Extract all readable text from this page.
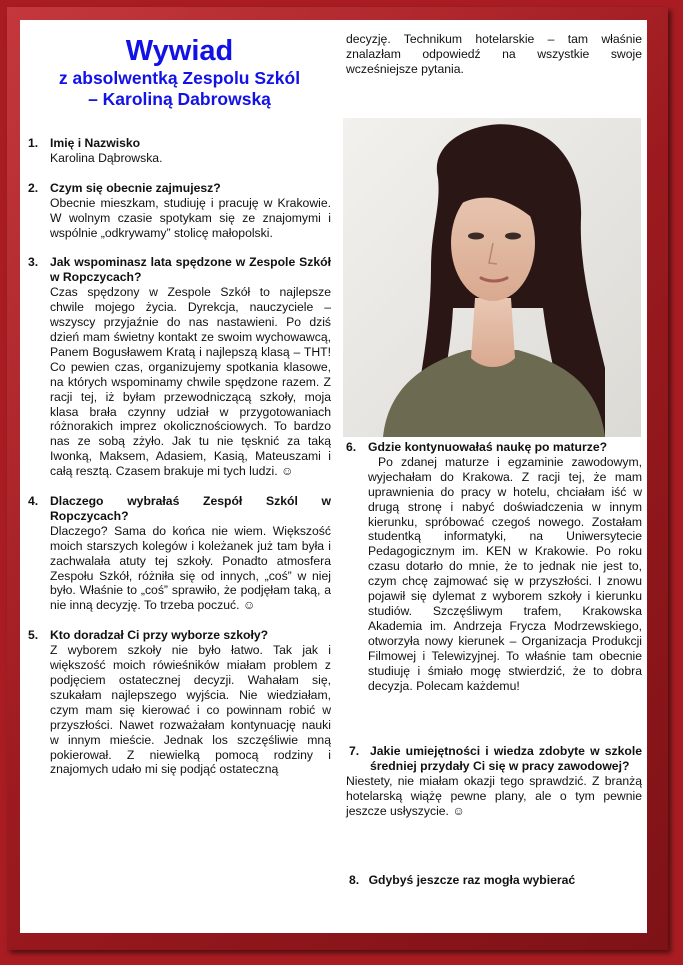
Wywiad
z absolwentką Zespolu Szkól
– Karoliną Dabrowską
1. Imię i Nazwisko
Karolina Dąbrowska.
2. Czym się obecnie zajmujesz?
Obecnie mieszkam, studiuję i pracuję w Krakowie. W wolnym czasie spotykam się ze znajomymi i wspólnie „odkrywamy” stolicę małopolski.
3. Jak wspominasz lata spędzone w Zespole Szkół w Ropczycach?
Czas spędzony w Zespole Szkół to najlepsze chwile mojego życia. Dyrekcja, nauczyciele – wszyscy przyjaźnie do nas nastawieni. Po dziś dzień mam świetny kontakt ze swoim wychowawcą, Panem Bogusławem Kratą i najlepszą klasą – THT! Co pewien czas, organizujemy spotkania klasowe, na których wspominamy chwile spędzone razem. Z racji tej, iż byłam przewodniczącą szkoły, moja klasa brała czynny udział w przygotowaniach różnorakich imprez okolicznościowych. To bardzo nas ze sobą zżyło. Jak tu nie tęsknić za taką Iwonką, Maksem, Adasiem, Kasią, Mateuszami i całą resztą. Czasem brakuje mi tych ludzi. ☺
4. Dlaczego wybrałaś Zespół Szkól w Ropczycach?
Dlaczego? Sama do końca nie wiem. Większość moich starszych kolegów i koleżanek już tam była i zachwalała atuty tej szkoły. Ponadto atmosfera Zespołu Szkół, różniła się od innych, „coś” w niej było. Właśnie to „coś” sprawiło, że podjęłam taką, a nie inną decyzję. To trzeba poczuć. ☺
5. Kto doradzał Ci przy wyborze szkoły?
Z wyborem szkoły nie było łatwo. Tak jak i większość moich rówieśników miałam problem z podjęciem ostatecznej decyzji. Wahałam się, szukałam najlepszego wyjścia. Nie wiedziałam, czym mam się kierować i co powinnam robić w przyszłości. Nawet rozważałam kontynuację nauki w innym mieście. Jednak los szczęśliwie mną pokierował. Z niewielką pomocą rodziny i znajomych udało mi się podjąć ostateczną

decyzję. Technikum hotelarskie – tam właśnie znalazłam odpowiedź na wszystkie swoje wcześniejsze pytania.

6. Gdzie kontynuowałaś naukę po maturze?
Po zdanej maturze i egzaminie zawodowym, wyjechałam do Krakowa. Z racji tej, że mam uprawnienia do pracy w hotelu, chciałam iść w drugą stronę i nabyć doświadczenia w innym kierunku, spróbować czegoś nowego. Zostałam studentką informatyki, na Uniwersytecie Pedagogicznym im. KEN w Krakowie. Po roku czasu dotarło do mnie, że to jednak nie jest to, czym chcę zajmować się w przyszłości. I znowu pojawił się dylemat z wyborem szkoły i kierunku studiów. Szczęśliwym trafem, Krakowska Akademia im. Andrzeja Frycza Modrzewskiego, otworzyła nowy kierunek – Organizacja Produkcji Filmowej i Telewizyjnej. To właśnie tam obecnie studiuję i śmiało mogę stwierdzić, że to dobra decyzja. Polecam każdemu!
7. Jakie umiejętności i wiedza zdobyte w szkole średniej przydały Ci się w pracy zawodowej?
Niestety, nie miałam okazji tego sprawdzić. Z branżą hotelarską wiążę pewne plany, ale o tym pewnie jeszcze usłyszycie. ☺
8. Gdybyś jeszcze raz mogła wybierać
